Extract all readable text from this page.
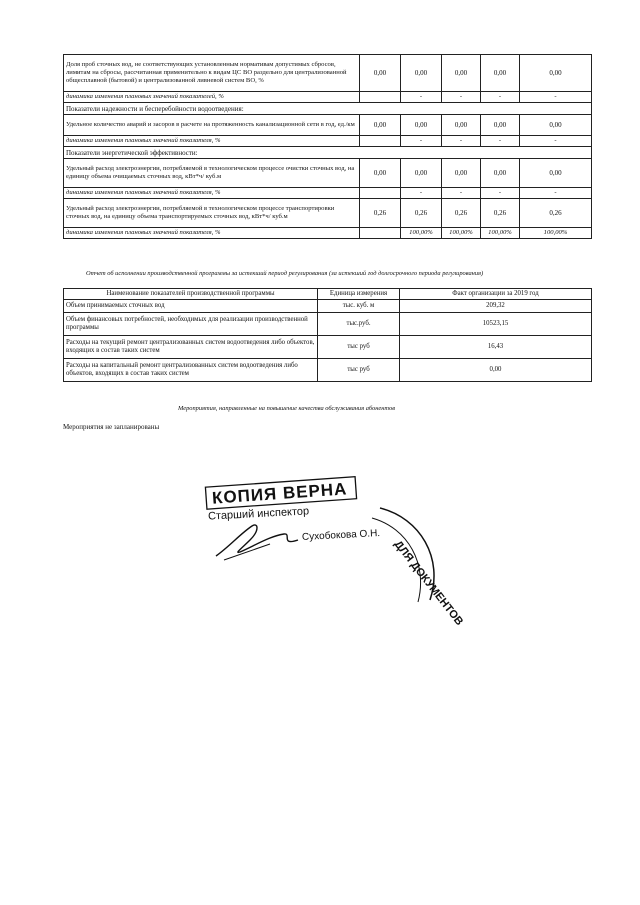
Доля проб сточных вод, не соответствующих установленным нормативам допустимых сбросов, лимитам на сбросы, рассчитанная применительно к видам ЦС ВО раздельно для централизованной общесплавной (бытовой) и централизованной ливневой систем ВО, %	0,00	0,00	0,00	0,00	0,00
динамика изменения плановых значений показателей, %		-	-	-	-
Показатели надежности и бесперебойности водоотведения:					
Удельное количество аварий и засоров в расчете на протяженность канализационной сети в год, ед./км	0,00	0,00	0,00	0,00	0,00
динамика изменения плановых значений показателя, %		-	-	-	-
Показатели энергетической эффективности:					
Удельный расход электроэнергии, потребляемой в технологическом процессе очистки сточных вод, на единицу объема очищаемых сточных вод, кВт*ч/ куб.м	0,00	0,00	0,00	0,00	0,00
динамика изменения плановых значений показателя, %		-	-	-	-
Удельный расход электроэнергии, потребляемой в технологическом процессе транспортировки сточных вод, на единицу объема транспортируемых сточных вод, кВт*ч/ куб.м	0,26	0,26	0,26	0,26	0,26
динамика изменения плановых значений показателя, %		100,00%	100,00%	100,00%	100,00%
Отчет об исполнении производственной программы за истекший период регулирования (за истекший год долгосрочного периода регулирования)
Наименование показателей производственной программы	Единица измерения	Факт организации за 2019 год
Объем принимаемых сточных вод	тыс. куб. м	209,32
Объем финансовых потребностей, необходимых для реализации производственной программы	тыс.руб.	10523,15
Расходы на текущий ремонт централизованных систем водоотведения либо объектов, входящих в состав таких систем	тыс руб	16,43
Расходы на капитальный ремонт централизованных систем водоотведения либо объектов, входящих в состав таких систем	тыс руб	0,00
Мероприятия, направленные на повышение качества обслуживания абонентов
Мероприятия не запланированы
КОПИЯ ВЕРНА
Старший инспектор
Сухобокова О.Н.
ДЛЯ ДОКУМЕНТОВ
